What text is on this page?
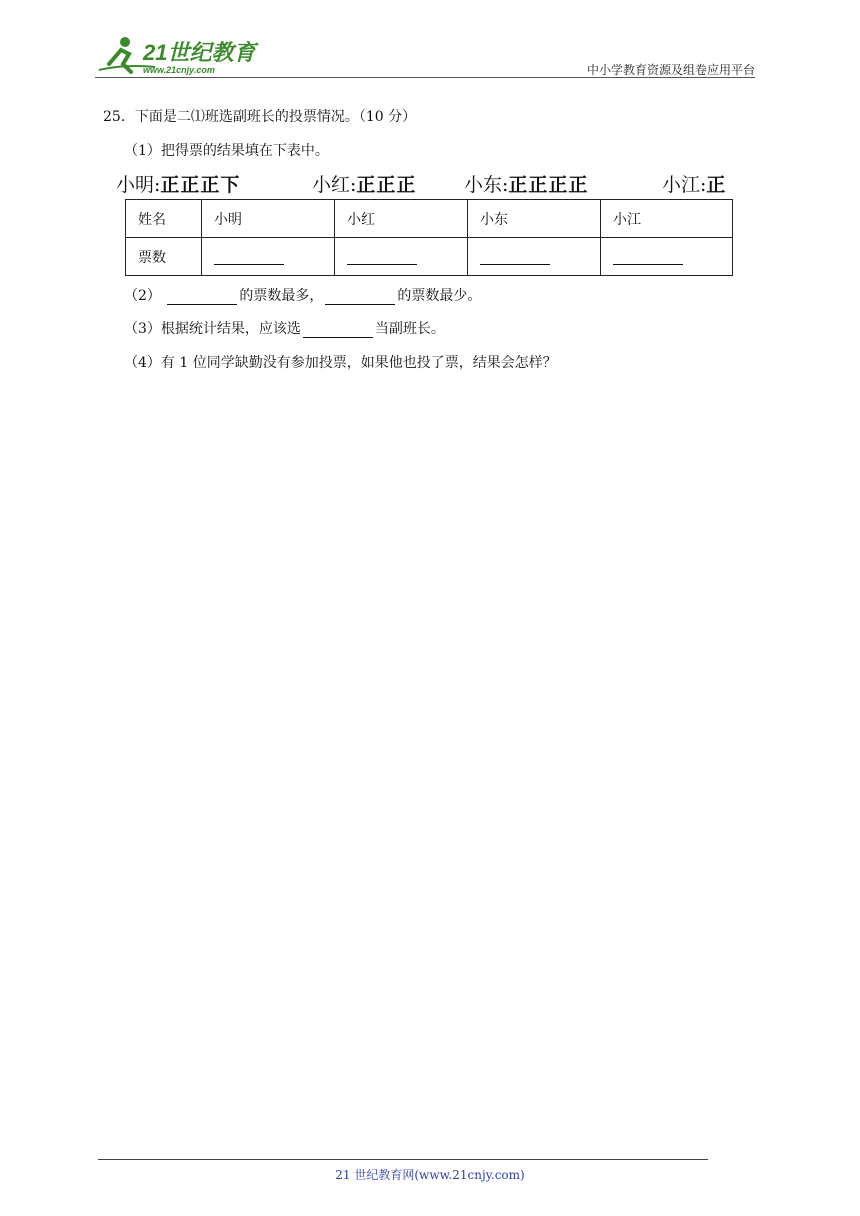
21世纪教育
www.21cnjy.com	中小学教育资源及组卷应用平台
25．下面是二⑴班选副班长的投票情况。（10 分）
（1）把得票的结果填在下表中。
小明:正正正下	小红:正正正	小东:正正正正	小江:正
姓名	小明	小红	小东	小江
票数				
（2）	的票数最多，	的票数最少。
（3）根据统计结果，应该选	当副班长。
（4）有 1 位同学缺勤没有参加投票，如果他也投了票，结果会怎样？
21 世纪教育网(www.21cnjy.com)
